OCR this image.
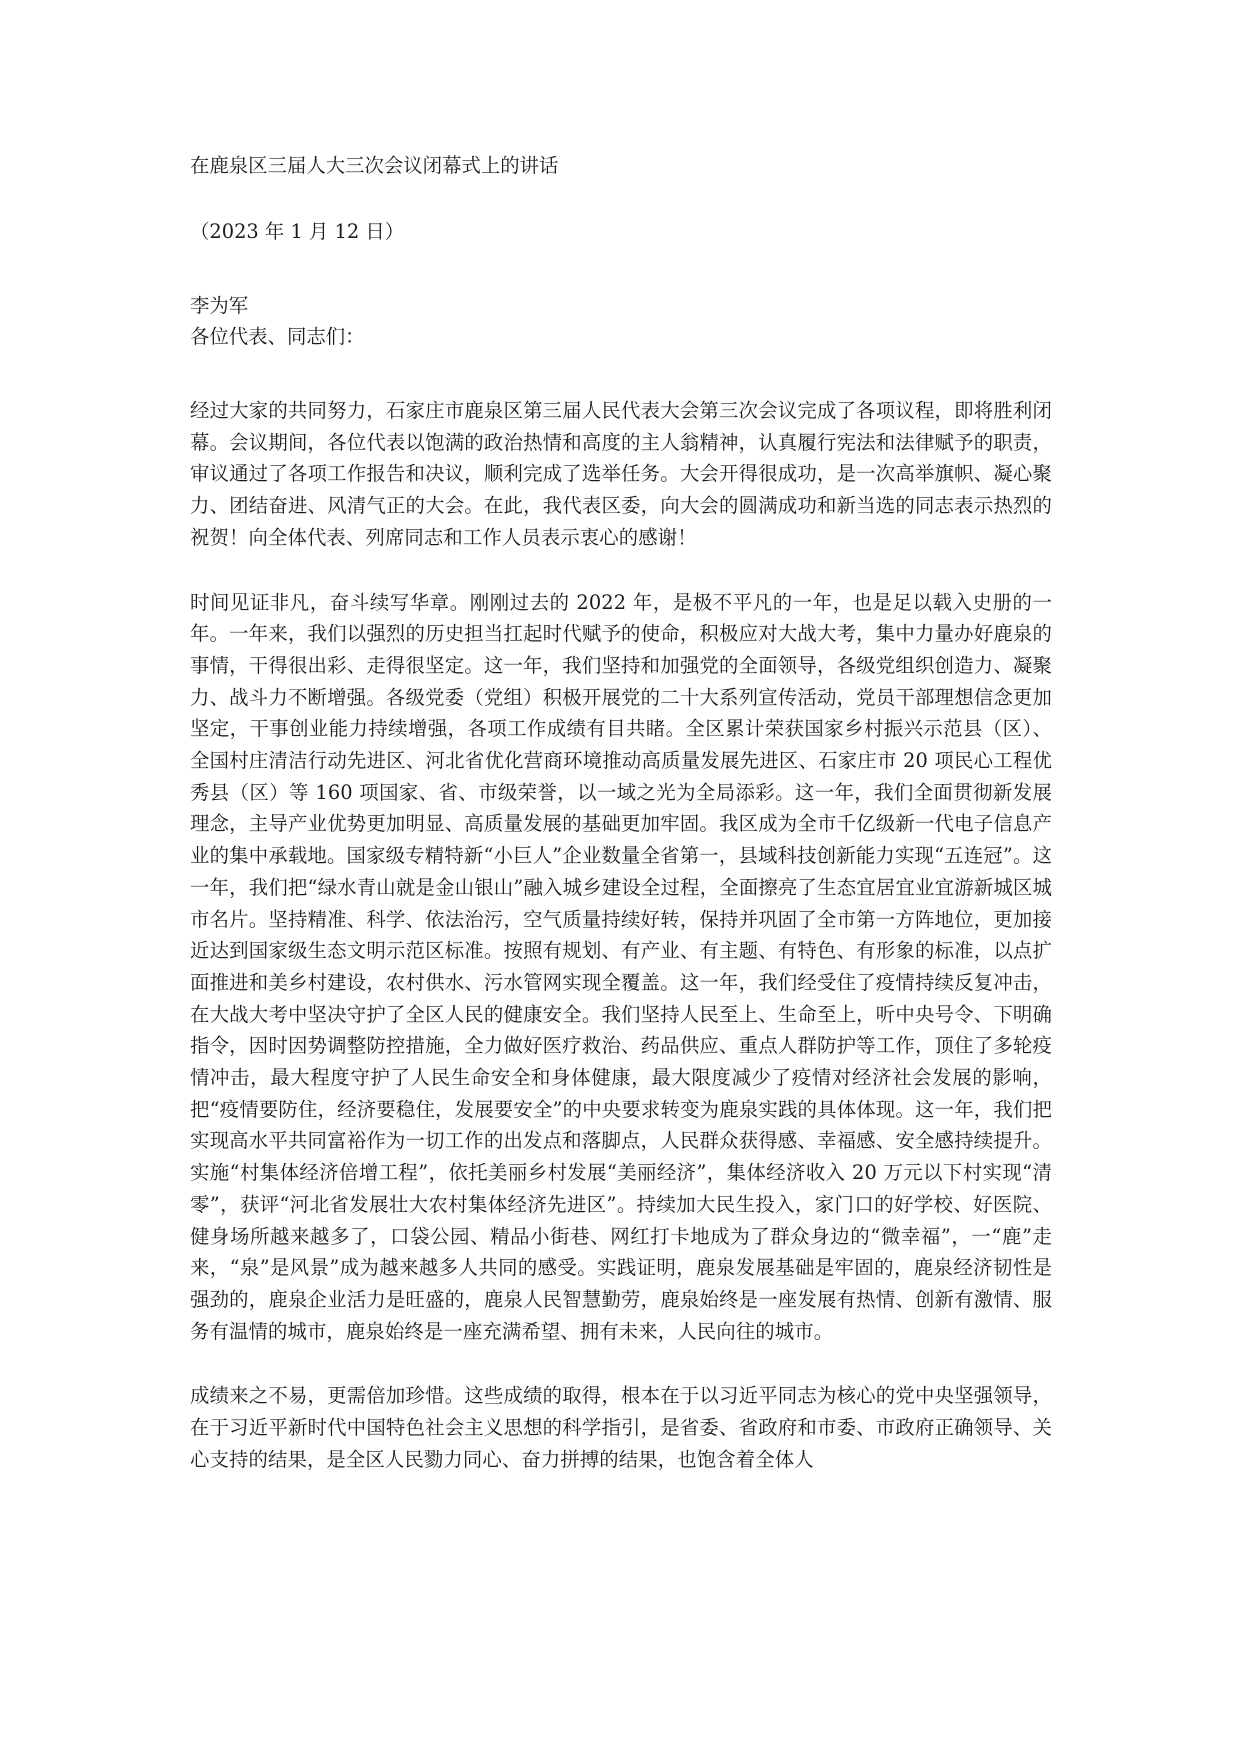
在鹿泉区三届人大三次会议闭幕式上的讲话

（2023 年 1 月 12 日）

李为军

各位代表、同志们：

经过大家的共同努力，石家庄市鹿泉区第三届人民代表大会第三次会议完成了各项议程，即将胜利闭幕。会议期间，各位代表以饱满的政治热情和高度的主人翁精神，认真履行宪法和法律赋予的职责，审议通过了各项工作报告和决议，顺利完成了选举任务。大会开得很成功，是一次高举旗帜、凝心聚力、团结奋进、风清气正的大会。在此，我代表区委，向大会的圆满成功和新当选的同志表示热烈的祝贺！向全体代表、列席同志和工作人员表示衷心的感谢！

时间见证非凡，奋斗续写华章。刚刚过去的 2022 年，是极不平凡的一年，也是足以载入史册的一年。一年来，我们以强烈的历史担当扛起时代赋予的使命，积极应对大战大考，集中力量办好鹿泉的事情，干得很出彩、走得很坚定。这一年，我们坚持和加强党的全面领导，各级党组织创造力、凝聚力、战斗力不断增强。各级党委（党组）积极开展党的二十大系列宣传活动，党员干部理想信念更加坚定，干事创业能力持续增强，各项工作成绩有目共睹。全区累计荣获国家乡村振兴示范县（区）、全国村庄清洁行动先进区、河北省优化营商环境推动高质量发展先进区、石家庄市 20 项民心工程优秀县（区）等 160 项国家、省、市级荣誉，以一域之光为全局添彩。这一年，我们全面贯彻新发展理念，主导产业优势更加明显、高质量发展的基础更加牢固。我区成为全市千亿级新一代电子信息产业的集中承载地。国家级专精特新“小巨人”企业数量全省第一，县域科技创新能力实现“五连冠”。这一年，我们把“绿水青山就是金山银山”融入城乡建设全过程，全面擦亮了生态宜居宜业宜游新城区城市名片。坚持精准、科学、依法治污，空气质量持续好转，保持并巩固了全市第一方阵地位，更加接近达到国家级生态文明示范区标准。按照有规划、有产业、有主题、有特色、有形象的标准，以点扩面推进和美乡村建设，农村供水、污水管网实现全覆盖。这一年，我们经受住了疫情持续反复冲击，在大战大考中坚决守护了全区人民的健康安全。我们坚持人民至上、生命至上，听中央号令、下明确指令，因时因势调整防控措施，全力做好医疗救治、药品供应、重点人群防护等工作，顶住了多轮疫情冲击，最大程度守护了人民生命安全和身体健康，最大限度减少了疫情对经济社会发展的影响，把“疫情要防住，经济要稳住，发展要安全”的中央要求转变为鹿泉实践的具体体现。这一年，我们把实现高水平共同富裕作为一切工作的出发点和落脚点，人民群众获得感、幸福感、安全感持续提升。实施“村集体经济倍增工程”，依托美丽乡村发展“美丽经济”，集体经济收入 20 万元以下村实现“清零”，获评“河北省发展壮大农村集体经济先进区”。持续加大民生投入，家门口的好学校、好医院、健身场所越来越多了，口袋公园、精品小街巷、网红打卡地成为了群众身边的“微幸福”，一“鹿”走来，“泉”是风景”成为越来越多人共同的感受。实践证明，鹿泉发展基础是牢固的，鹿泉经济韧性是强劲的，鹿泉企业活力是旺盛的，鹿泉人民智慧勤劳，鹿泉始终是一座发展有热情、创新有激情、服务有温情的城市，鹿泉始终是一座充满希望、拥有未来，人民向往的城市。

成绩来之不易，更需倍加珍惜。这些成绩的取得，根本在于以习近平同志为核心的党中央坚强领导，在于习近平新时代中国特色社会主义思想的科学指引，是省委、省政府和市委、市政府正确领导、关心支持的结果，是全区人民勠力同心、奋力拼搏的结果，也饱含着全体人
